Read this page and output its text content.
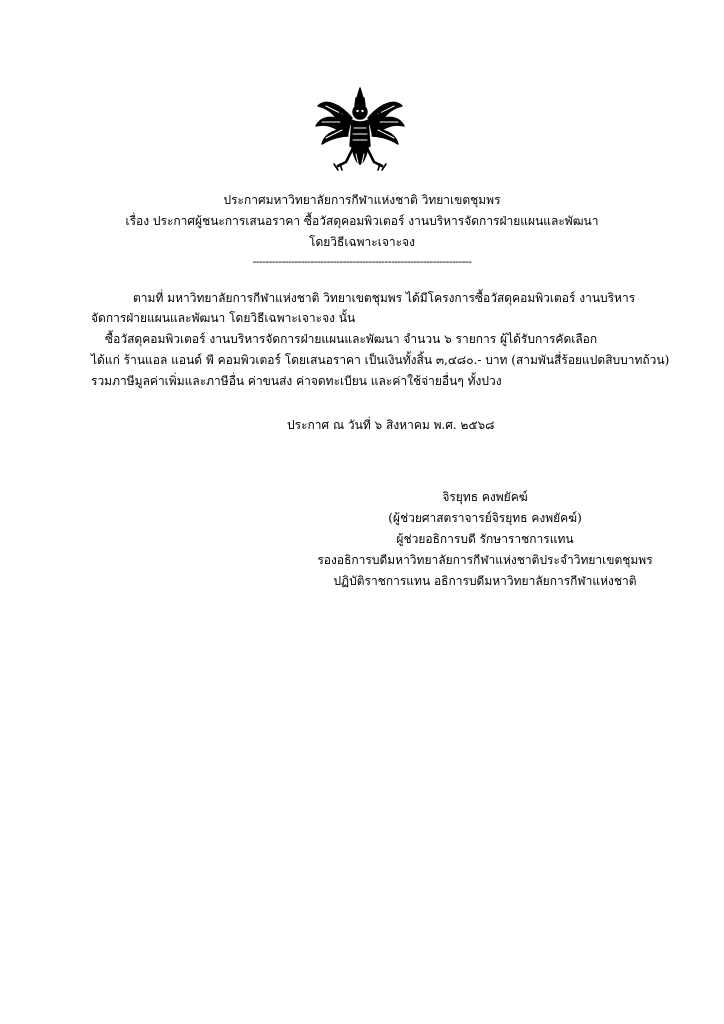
ประกาศมหาวิทยาลัยการกีฬาแห่งชาติ วิทยาเขตชุมพร
เรื่อง ประกาศผู้ชนะการเสนอราคา ซื้อวัสดุคอมพิวเตอร์ งานบริหารจัดการฝ่ายแผนและพัฒนา
โดยวิธีเฉพาะเจาะจง
--------------------------------------------------------------------
ตามที่ มหาวิทยาลัยการกีฬาแห่งชาติ วิทยาเขตชุมพร ได้มีโครงการซื้อวัสดุคอมพิวเตอร์ งานบริหาร
จัดการฝ่ายแผนและพัฒนา โดยวิธีเฉพาะเจาะจง นั้น
ซื้อวัสดุคอมพิวเตอร์ งานบริหารจัดการฝ่ายแผนและพัฒนา จำนวน ๖ รายการ ผู้ได้รับการคัดเลือก
ได้แก่ ร้านแอล แอนด์ พี คอมพิวเตอร์ โดยเสนอราคา เป็นเงินทั้งสิ้น ๓,๔๘๐.- บาท (สามพันสี่ร้อยแปดสิบบาทถ้วน)
รวมภาษีมูลค่าเพิ่มและภาษีอื่น ค่าขนส่ง ค่าจดทะเบียน และค่าใช้จ่ายอื่นๆ ทั้งปวง
ประกาศ ณ วันที่ ๖ สิงหาคม พ.ศ. ๒๕๖๘
จิรยุทธ คงพยัคฆ์
(ผู้ช่วยศาสตราจารย์จิรยุทธ คงพยัคฆ์)
ผู้ช่วยอธิการบดี รักษาราชการแทน
รองอธิการบดีมหาวิทยาลัยการกีฬาแห่งชาติประจำวิทยาเขตชุมพร
ปฏิบัติราชการแทน อธิการบดีมหาวิทยาลัยการกีฬาแห่งชาติ
